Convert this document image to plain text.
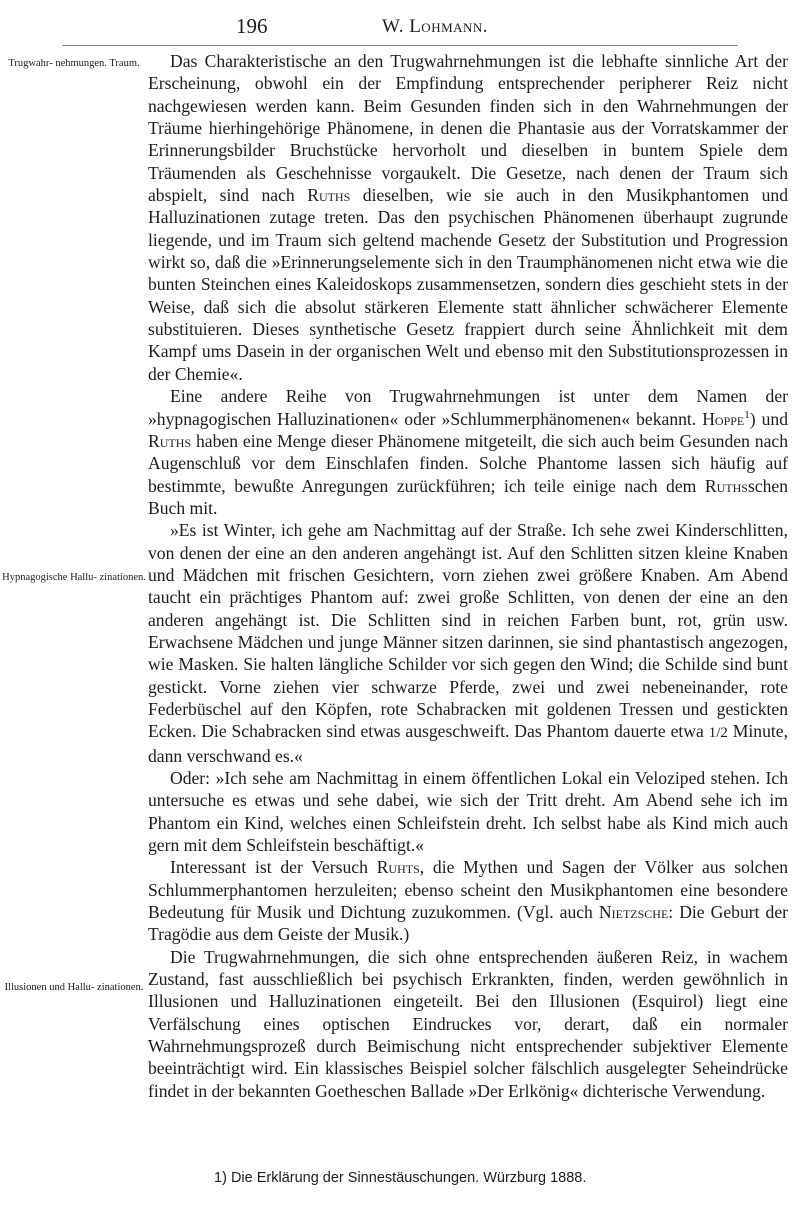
196	W. Lohmann.
Trugwahr- nehmungen. Traum.
Hypnagogische Hallu- zinationen.
Illusionen und Hallu- zinationen.

Das Charakteristische an den Trugwahrnehmungen ist die lebhafte sinnliche Art der Erscheinung, obwohl ein der Empfindung entsprechender peripherer Reiz nicht nachgewiesen werden kann. Beim Gesunden finden sich in den Wahrnehmungen der Träume hierhingehörige Phänomene, in denen die Phantasie aus der Vorratskammer der Erinnerungsbilder Bruchstücke hervorholt und dieselben in buntem Spiele dem Träumenden als Geschehnisse vorgaukelt. Die Gesetze, nach denen der Traum sich abspielt, sind nach Ruths dieselben, wie sie auch in den Musikphantomen und Halluzinationen zutage treten. Das den psychischen Phänomenen überhaupt zugrunde liegende, und im Traum sich geltend machende Gesetz der Substitution und Progression wirkt so, daß die »Erinnerungselemente sich in den Traumphänomenen nicht etwa wie die bunten Steinchen eines Kaleidoskops zusammensetzen, sondern dies geschieht stets in der Weise, daß sich die absolut stärkeren Elemente statt ähnlicher schwächerer Elemente substituieren. Dieses synthetische Gesetz frappiert durch seine Ähnlichkeit mit dem Kampf ums Dasein in der organischen Welt und ebenso mit den Substitutionsprozessen in der Chemie«.

Eine andere Reihe von Trugwahrnehmungen ist unter dem Namen der »hypnagogischen Halluzinationen« oder »Schlummerphänomenen« bekannt. Hoppe$^1$) und Ruths haben eine Menge dieser Phänomene mitgeteilt, die sich auch beim Gesunden nach Augenschluß vor dem Einschlafen finden. Solche Phantome lassen sich häufig auf bestimmte, bewußte Anregungen zurückführen; ich teile einige nach dem Ruthsschen Buch mit.

»Es ist Winter, ich gehe am Nachmittag auf der Straße. Ich sehe zwei Kinderschlitten, von denen der eine an den anderen angehängt ist. Auf den Schlitten sitzen kleine Knaben und Mädchen mit frischen Gesichtern, vorn ziehen zwei größere Knaben. Am Abend taucht ein prächtiges Phantom auf: zwei große Schlitten, von denen der eine an den anderen angehängt ist. Die Schlitten sind in reichen Farben bunt, rot, grün usw. Erwachsene Mädchen und junge Männer sitzen darinnen, sie sind phantastisch angezogen, wie Masken. Sie halten längliche Schilder vor sich gegen den Wind; die Schilde sind bunt gestickt. Vorne ziehen vier schwarze Pferde, zwei und zwei nebeneinander, rote Federbüschel auf den Köpfen, rote Schabracken mit goldenen Tressen und gestickten Ecken. Die Schabracken sind etwas ausgeschweift. Das Phantom dauerte etwa 1/2 Minute, dann verschwand es.«

Oder: »Ich sehe am Nachmittag in einem öffentlichen Lokal ein Veloziped stehen. Ich untersuche es etwas und sehe dabei, wie sich der Tritt dreht. Am Abend sehe ich im Phantom ein Kind, welches einen Schleifstein dreht. Ich selbst habe als Kind mich auch gern mit dem Schleifstein beschäftigt.«

Interessant ist der Versuch Ruhts, die Mythen und Sagen der Völker aus solchen Schlummerphantomen herzuleiten; ebenso scheint den Musikphantomen eine besondere Bedeutung für Musik und Dichtung zuzukommen. (Vgl. auch Nietzsche: Die Geburt der Tragödie aus dem Geiste der Musik.)

Die Trugwahrnehmungen, die sich ohne entsprechenden äußeren Reiz, in wachem Zustand, fast ausschließlich bei psychisch Erkrankten, finden, werden gewöhnlich in Illusionen und Halluzinationen eingeteilt. Bei den Illusionen (Esquirol) liegt eine Verfälschung eines optischen Eindruckes vor, derart, daß ein normaler Wahrnehmungsprozeß durch Beimischung nicht entsprechender subjektiver Elemente beeinträchtigt wird. Ein klassisches Beispiel solcher fälschlich ausgelegter Seheindrücke findet in der bekannten Goetheschen Ballade »Der Erlkönig« dichterische Verwendung.

1) Die Erklärung der Sinnestäuschungen. Würzburg 1888.
